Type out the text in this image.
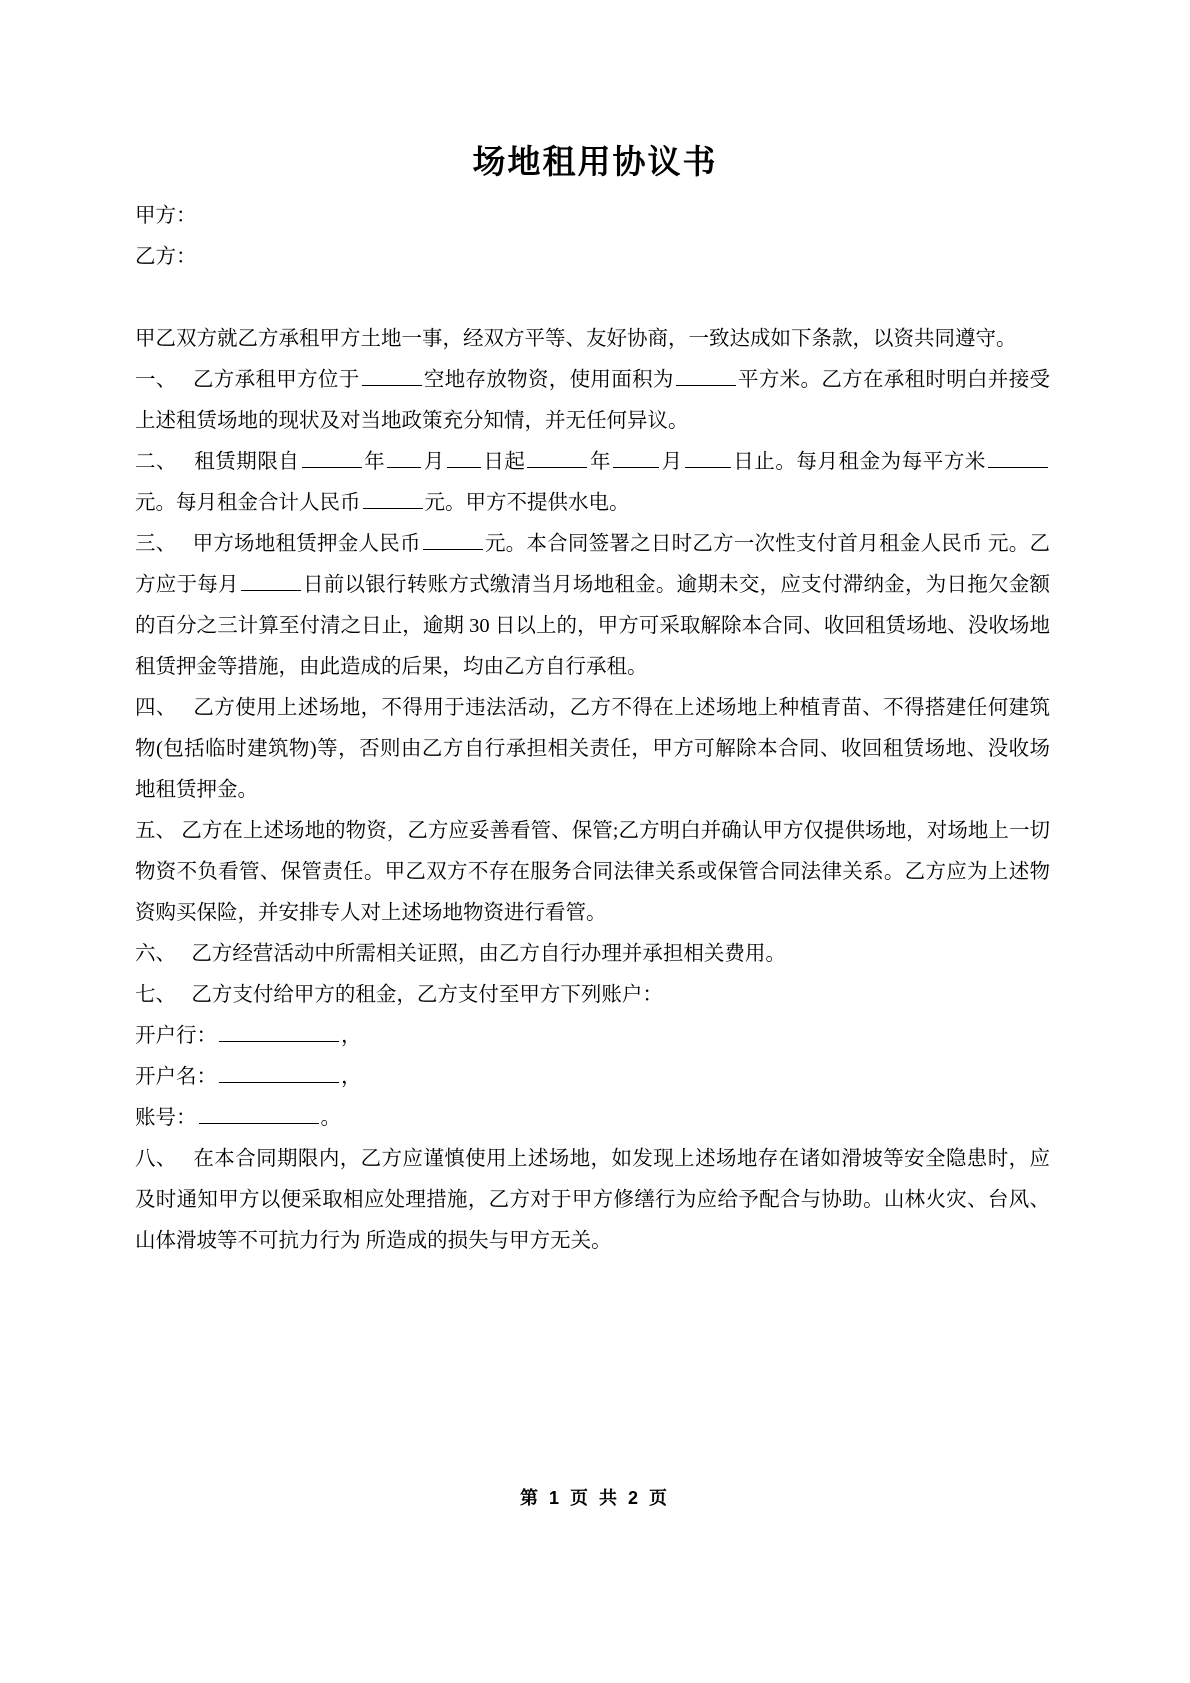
场地租用协议书

甲方：

乙方：

甲乙双方就乙方承租甲方土地一事，经双方平等、友好协商，一致达成如下条款，以资共同遵守。

一、 乙方承租甲方位于	空地存放物资，使用面积为	平方米。乙方在承租时明白并接受上述租赁场地的现状及对当地政策充分知情，并无任何异议。

二、 租赁期限自	年 月 日起	年 月 日止。每月租金为每平方米元。每月租金合计人民币	元。甲方不提供水电。

三、 甲方场地租赁押金人民币	元。本合同签署之日时乙方一次性支付首月租金人民币 元。乙方应于每月	日前以银行转账方式缴清当月场地租金。逾期未交，应支付滞纳金，为日拖欠金额的百分之三计算至付清之日止，逾期 30 日以上的，甲方可采取解除本合同、收回租赁场地、没收场地租赁押金等措施，由此造成的后果，均由乙方自行承租。

四、 乙方使用上述场地，不得用于违法活动，乙方不得在上述场地上种植青苗、不得搭建任何建筑物(包括临时建筑物)等，否则由乙方自行承担相关责任，甲方可解除本合同、收回租赁场地、没收场地租赁押金。

五、 乙方在上述场地的物资，乙方应妥善看管、保管;乙方明白并确认甲方仅提供场地，对场地上一切物资不负看管、保管责任。甲乙双方不存在服务合同法律关系或保管合同法律关系。乙方应为上述物资购买保险，并安排专人对上述场地物资进行看管。

六、 乙方经营活动中所需相关证照，由乙方自行办理并承担相关费用。

七、 乙方支付给甲方的租金，乙方支付至甲方下列账户：

开户行：	，

开户名：	，

账号：	。

八、 在本合同期限内，乙方应谨慎使用上述场地，如发现上述场地存在诸如滑坡等安全隐患时，应及时通知甲方以便采取相应处理措施，乙方对于甲方修缮行为应给予配合与协助。山林火灾、台风、山体滑坡等不可抗力行为 所造成的损失与甲方无关。

第 1 页 共 2 页
